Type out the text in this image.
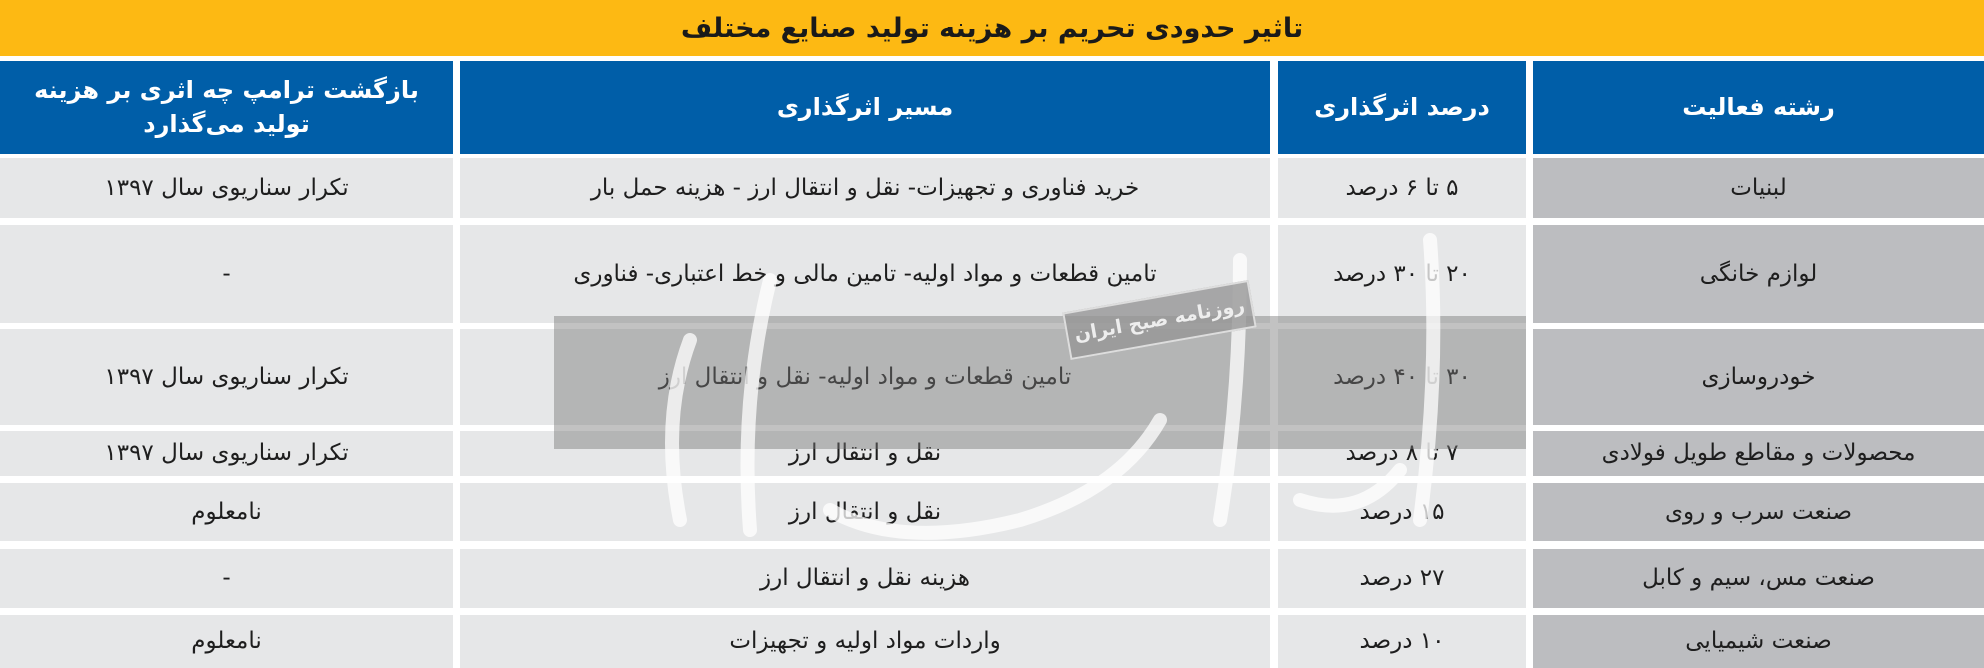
تاثیر حدودی تحریم بر هزینه تولید صنایع مختلف
رشته فعالیت
درصد اثرگذاری
مسیر اثرگذاری
بازگشت ترامپ چه اثری بر هزینه تولید می‌گذارد
لبنیات
۵ تا ۶ درصد
خرید فناوری و تجهیزات- نقل و انتقال ارز - هزینه حمل بار
تکرار سناریوی سال ۱۳۹۷
لوازم خانگی
۲۰ تا ۳۰ درصد
تامین قطعات و مواد اولیه- تامین مالی و خط اعتباری- فناوری
-
خودروسازی
۳۰ تا ۴۰ درصد
تامین قطعات و مواد اولیه- نقل و انتقال ارز
تکرار سناریوی سال ۱۳۹۷
محصولات و مقاطع طویل فولادی
۷ تا ۸ درصد
نقل و انتقال ارز
تکرار سناریوی سال ۱۳۹۷
صنعت سرب و روی
۱۵ درصد
نقل و انتقال ارز
نامعلوم
صنعت مس، سیم و کابل
۲۷ درصد
هزینه نقل و انتقال ارز
-
صنعت شیمیایی
۱۰ درصد
واردات مواد اولیه و تجهیزات
نامعلوم
روزنامه صبح ایران
